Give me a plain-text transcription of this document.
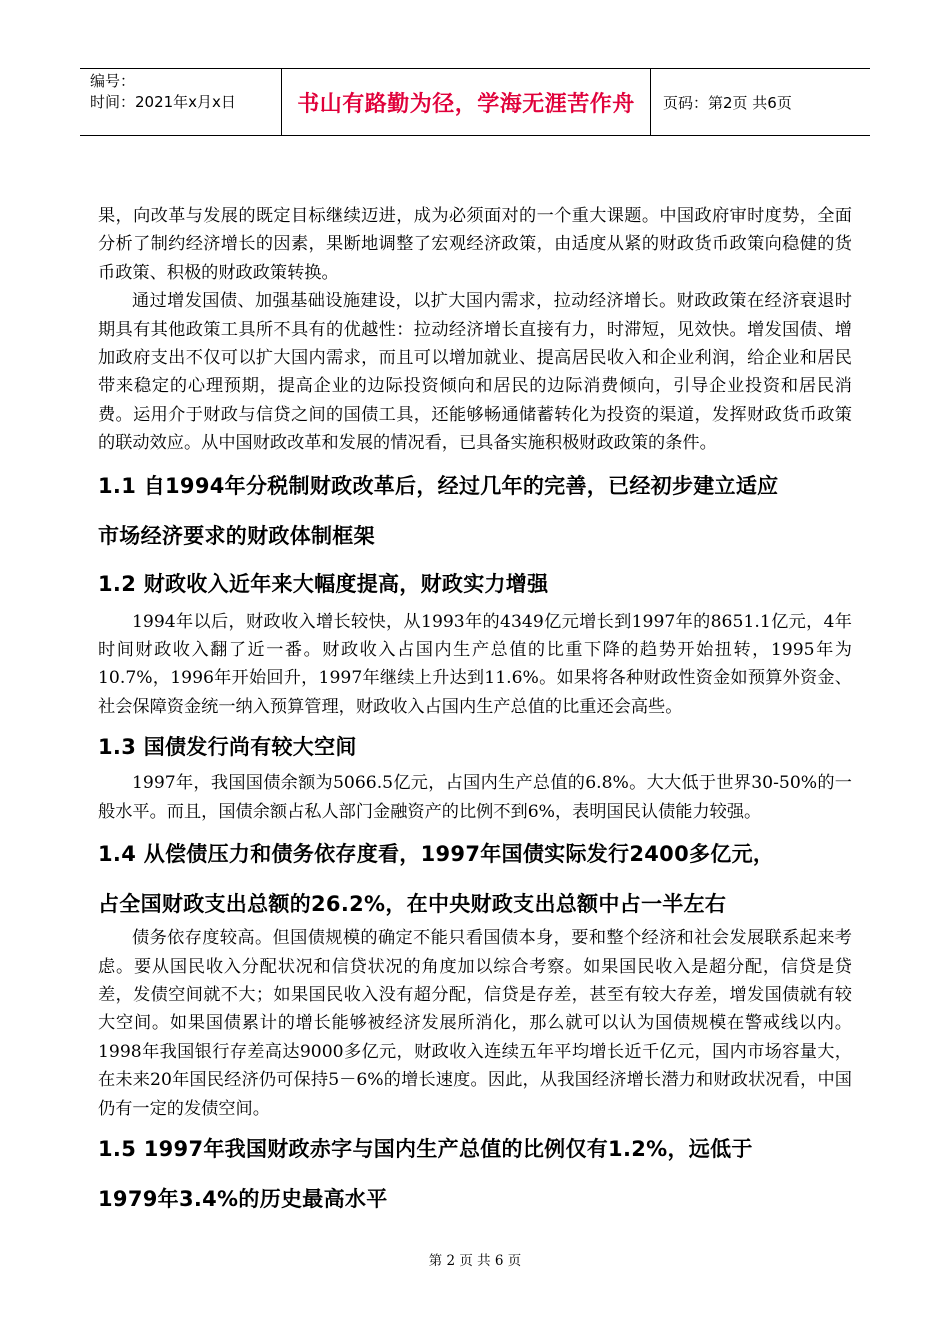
编号：
时间：2021年x月x日	书山有路勤为径，学海无涯苦作舟	页码：第2页 共6页

果，向改革与发展的既定目标继续迈进，成为必须面对的一个重大课题。中国政府审时度势，全面分析了制约经济增长的因素，果断地调整了宏观经济政策，由适度从紧的财政货币政策向稳健的货币政策、积极的财政政策转换。

通过增发国债、加强基础设施建设，以扩大国内需求，拉动经济增长。财政政策在经济衰退时期具有其他政策工具所不具有的优越性：拉动经济增长直接有力，时滞短，见效快。增发国债、增加政府支出不仅可以扩大国内需求，而且可以增加就业、提高居民收入和企业利润，给企业和居民带来稳定的心理预期，提高企业的边际投资倾向和居民的边际消费倾向，引导企业投资和居民消费。运用介于财政与信贷之间的国债工具，还能够畅通储蓄转化为投资的渠道，发挥财政货币政策的联动效应。从中国财政改革和发展的情况看，已具备实施积极财政政策的条件。

1.1 自1994年分税制财政改革后，经过几年的完善，已经初步建立适应
市场经济要求的财政体制框架
1.2 财政收入近年来大幅度提高，财政实力增强

1994年以后，财政收入增长较快，从1993年的4349亿元增长到1997年的8651.1亿元，4年时间财政收入翻了近一番。财政收入占国内生产总值的比重下降的趋势开始扭转，1995年为10.7%，1996年开始回升，1997年继续上升达到11.6%。如果将各种财政性资金如预算外资金、社会保障资金统一纳入预算管理，财政收入占国内生产总值的比重还会高些。

1.3 国债发行尚有较大空间

1997年，我国国债余额为5066.5亿元，占国内生产总值的6.8%。大大低于世界30-50%的一般水平。而且，国债余额占私人部门金融资产的比例不到6%，表明国民认债能力较强。

1.4 从偿债压力和债务依存度看，1997年国债实际发行2400多亿元，
占全国财政支出总额的26.2%，在中央财政支出总额中占一半左右

债务依存度较高。但国债规模的确定不能只看国债本身，要和整个经济和社会发展联系起来考虑。要从国民收入分配状况和信贷状况的角度加以综合考察。如果国民收入是超分配，信贷是贷差，发债空间就不大；如果国民收入没有超分配，信贷是存差，甚至有较大存差，增发国债就有较大空间。如果国债累计的增长能够被经济发展所消化，那么就可以认为国债规模在警戒线以内。1998年我国银行存差高达9000多亿元，财政收入连续五年平均增长近千亿元，国内市场容量大，在未来20年国民经济仍可保持5－6%的增长速度。因此，从我国经济增长潜力和财政状况看，中国仍有一定的发债空间。

1.5 1997年我国财政赤字与国内生产总值的比例仅有1.2%，远低于
1979年3.4%的历史最高水平
第 2 页 共 6 页
